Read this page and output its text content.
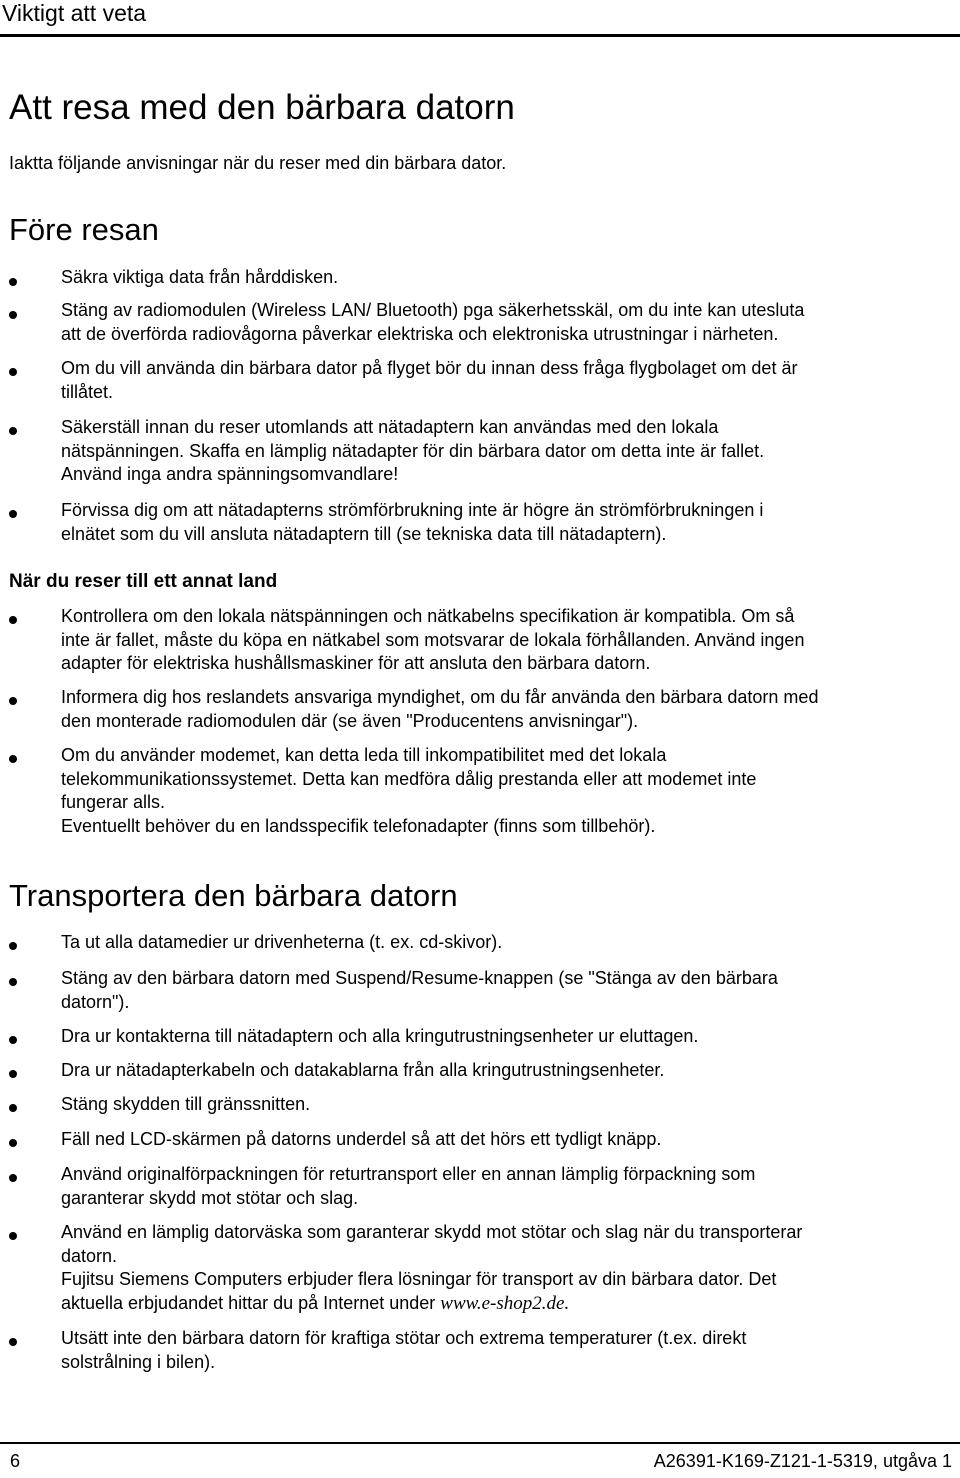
Viktigt att veta
Att resa med den bärbara datorn
Iaktta följande anvisningar när du reser med din bärbara dator.
Före resan
Säkra viktiga data från hårddisken.
Stäng av radiomodulen (Wireless LAN/ Bluetooth) pga säkerhetsskäl, om du inte kan utesluta
att de överförda radiovågorna påverkar elektriska och elektroniska utrustningar i närheten.
Om du vill använda din bärbara dator på flyget bör du innan dess fråga flygbolaget om det är
tillåtet.
Säkerställ innan du reser utomlands att nätadaptern kan användas med den lokala
nätspänningen. Skaffa en lämplig nätadapter för din bärbara dator om detta inte är fallet.
Använd inga andra spänningsomvandlare!
Förvissa dig om att nätadapterns strömförbrukning inte är högre än strömförbrukningen i
elnätet som du vill ansluta nätadaptern till (se tekniska data till nätadaptern).
När du reser till ett annat land
Kontrollera om den lokala nätspänningen och nätkabelns specifikation är kompatibla. Om så
inte är fallet, måste du köpa en nätkabel som motsvarar de lokala förhållanden. Använd ingen
adapter för elektriska hushållsmaskiner för att ansluta den bärbara datorn.
Informera dig hos reslandets ansvariga myndighet, om du får använda den bärbara datorn med
den monterade radiomodulen där (se även "Producentens anvisningar").
Om du använder modemet, kan detta leda till inkompatibilitet med det lokala
telekommunikationssystemet. Detta kan medföra dålig prestanda eller att modemet inte
fungerar alls.
Eventuellt behöver du en landsspecifik telefonadapter (finns som tillbehör).
Transportera den bärbara datorn
Ta ut alla datamedier ur drivenheterna (t. ex. cd-skivor).
Stäng av den bärbara datorn med Suspend/Resume-knappen (se "Stänga av den bärbara
datorn").
Dra ur kontakterna till nätadaptern och alla kringutrustningsenheter ur eluttagen.
Dra ur nätadapterkabeln och datakablarna från alla kringutrustningsenheter.
Stäng skydden till gränssnitten.
Fäll ned LCD-skärmen på datorns underdel så att det hörs ett tydligt knäpp.
Använd originalförpackningen för returtransport eller en annan lämplig förpackning som
garanterar skydd mot stötar och slag.
Använd en lämplig datorväska som garanterar skydd mot stötar och slag när du transporterar
datorn.
Fujitsu Siemens Computers erbjuder flera lösningar för transport av din bärbara dator. Det
aktuella erbjudandet hittar du på Internet under www.e-shop2.de.
Utsätt inte den bärbara datorn för kraftiga stötar och extrema temperaturer (t.ex. direkt
solstrålning i bilen).
6	A26391-K169-Z121-1-5319, utgåva 1
